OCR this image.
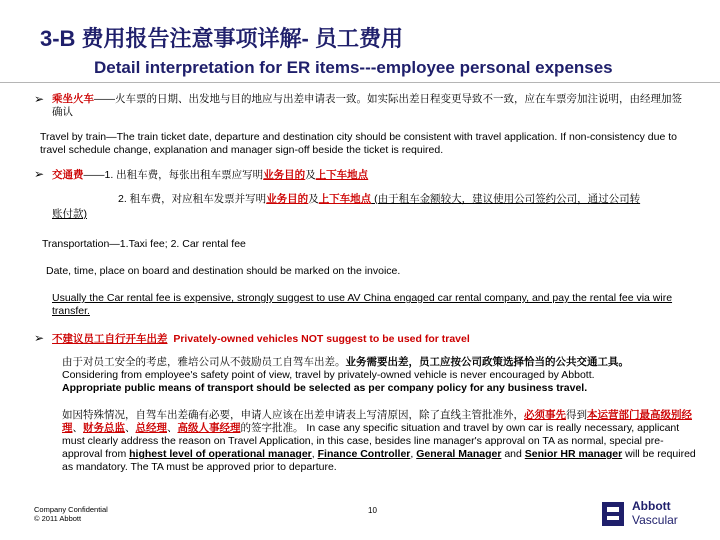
3-B 费用报告注意事项详解- 员工费用
Detail interpretation for ER items---employee personal expenses
➢ 乘坐火车——火车票的日期、出发地与目的地应与出差申请表一致。如实际出差日程变更导致不一致，应在车票旁加注说明，由经理加签确认
Travel by train—The train ticket date, departure and destination city should be consistent with travel application. If non-consistency due to travel schedule change, explanation and manager sign-off beside the ticket is required.
➢ 交通费——1. 出租车费，每张出租车票应写明业务目的及上下车地点
2. 租车费，对应租车发票并写明业务目的及上下车地点 (由于租车金额较大，建议使用公司签约公司，通过公司转
账付款)
Transportation—1.Taxi fee; 2. Car rental fee
Date, time, place on board and destination should be marked on the invoice.
Usually the Car rental fee is expensive, strongly suggest to use AV China engaged car rental company, and pay the rental fee via wire transfer.
➢ 不建议员工自行开车出差 Privately-owned vehicles NOT suggest to be used for travel
由于对员工安全的考虑，雅培公司从不鼓励员工自驾车出差。业务需要出差，员工应按公司政策选择恰当的公共交通工具。
Considering from employee's safety point of view, travel by privately-owned vehicle is never encouraged by Abbott.
Appropriate public means of transport should be selected as per company policy for any business travel.
如因特殊情况，自驾车出差确有必要，申请人应该在出差申请表上写清原因，除了直线主管批准外，必须事先得到本运营部门最高级别经理、财务总监、总经理、高级人事经理的签字批准。 In case any specific situation and travel by own car is really necessary, applicant must clearly address the reason on Travel Application, in this case, besides line manager's approval on TA as normal, special pre-approval from highest level of operational manager, Finance Controller, General Manager and Senior HR manager will be required as mandatory. The TA must be approved prior to departure.
Company Confidential
© 2011 Abbott
10	Abbott
Vascular
